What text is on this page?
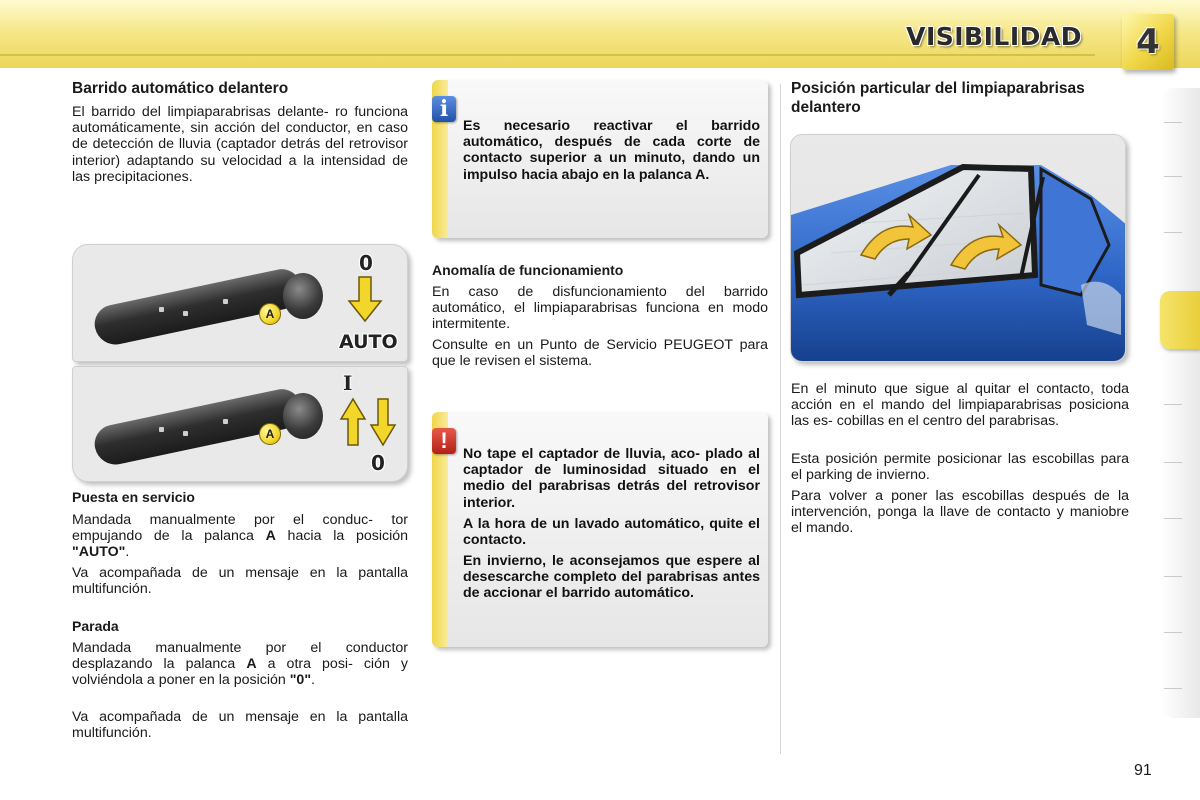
VISIBILIDAD	4
Barrido automático delantero

El barrido del limpiaparabrisas delante- ro funciona automáticamente, sin acción del conductor, en caso de detección de lluvia (captador detrás del retrovisor interior) adaptando su velocidad a la intensidad de las precipitaciones.

A
0
AUTO
A
I
0
Puesta en servicio

Mandada manualmente por el conduc- tor empujando de la palanca A hacia la posición "AUTO".

Va acompañada de un mensaje en la pantalla multifunción.

Parada

Mandada manualmente por el conductor desplazando la palanca A a otra posi- ción y volviéndola a poner en la posición "0".

Va acompañada de un mensaje en la pantalla multifunción.

i
Es necesario reactivar el barrido automático, después de cada corte de contacto superior a un minuto, dando un impulso hacia abajo en la palanca A.
Anomalía de funcionamiento

En caso de disfuncionamiento del barrido automático, el limpiaparabrisas funciona en modo intermitente.

Consulte en un Punto de Servicio PEUGEOT para que le revisen el sistema.

!
No tape el captador de lluvia, aco- plado al captador de luminosidad situado en el medio del parabrisas detrás del retrovisor interior.
A la hora de un lavado automático, quite el contacto.
En invierno, le aconsejamos que espere al desescarche completo del parabrisas antes de accionar el barrido automático.
Posición particular del limpiaparabrisas delantero

En el minuto que sigue al quitar el contacto, toda acción en el mando del limpiaparabrisas posiciona las es- cobillas en el centro del parabrisas.

Esta posición permite posicionar las escobillas para el parking de invierno.

Para volver a poner las escobillas después de la intervención, ponga la llave de contacto y maniobre el mando.

91
